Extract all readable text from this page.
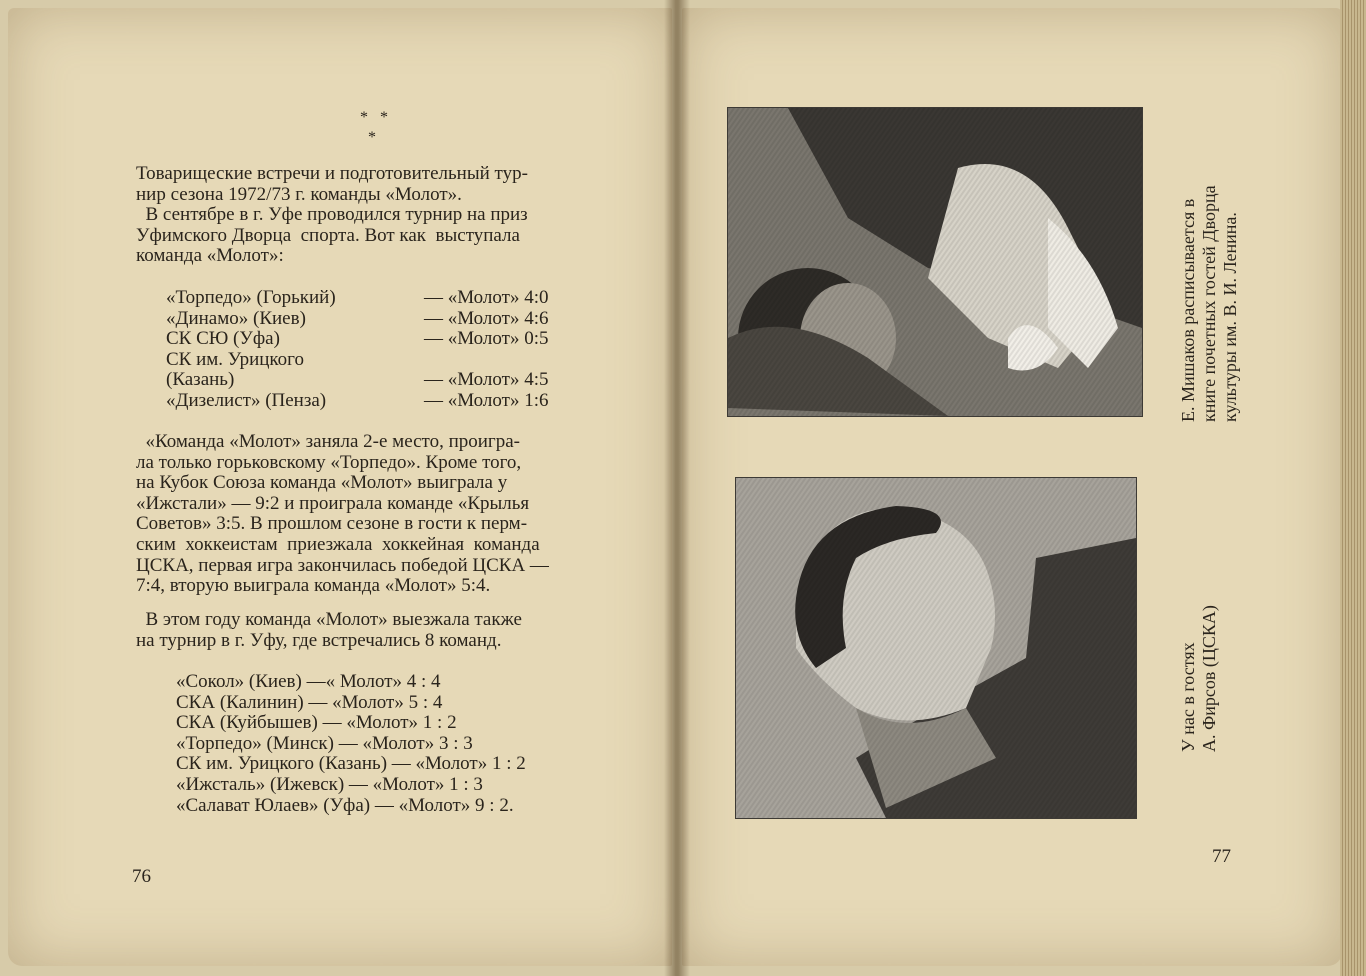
*   *
*
Товарищеские встречи и подготовительный тур-
нир сезона 1972/73 г. команды «Молот».
В сентябре в г. Уфе проводился турнир на приз
Уфимского Дворца  спорта. Вот как  выступала
команда «Молот»:
«Торпедо» (Горький)	— «Молот» 4:0
«Динамо» (Киев)	— «Молот» 4:6
СК СЮ (Уфа)	— «Молот» 0:5
СК им. Урицкого
(Казань)	— «Молот» 4:5
«Дизелист» (Пенза)	— «Молот» 1:6
«Команда «Молот» заняла 2-е место, проигра-
ла только горьковскому «Торпедо». Кроме того,
на Кубок Союза команда «Молот» выиграла у
«Ижстали» — 9:2 и проиграла команде «Крылья
Советов» 3:5. В прошлом сезоне в гости к перм-
ским  хоккеистам  приезжала  хоккейная  команда
ЦСКА, первая игра закончилась победой ЦСКА —
7:4, вторую выиграла команда «Молот» 5:4.
В этом году команда «Молот» выезжала также
на турнир в г. Уфу, где встречались 8 команд.
«Сокол» (Киев) —« Молот» 4 : 4
СКА (Калинин) — «Молот» 5 : 4
СКА (Куйбышев) — «Молот» 1 : 2
«Торпедо» (Минск) — «Молот» 3 : 3
СК им. Урицкого (Казань) — «Молот» 1 : 2
«Ижсталь» (Ижевск) — «Молот» 1 : 3
«Салават Юлаев» (Уфа) — «Молот» 9 : 2.
76
Е. Мишаков расписывается в
книге почетных гостей Дворца
культуры им. В. И. Ленина.
У нас в гостях
А. Фирсов (ЦСКА)
77
